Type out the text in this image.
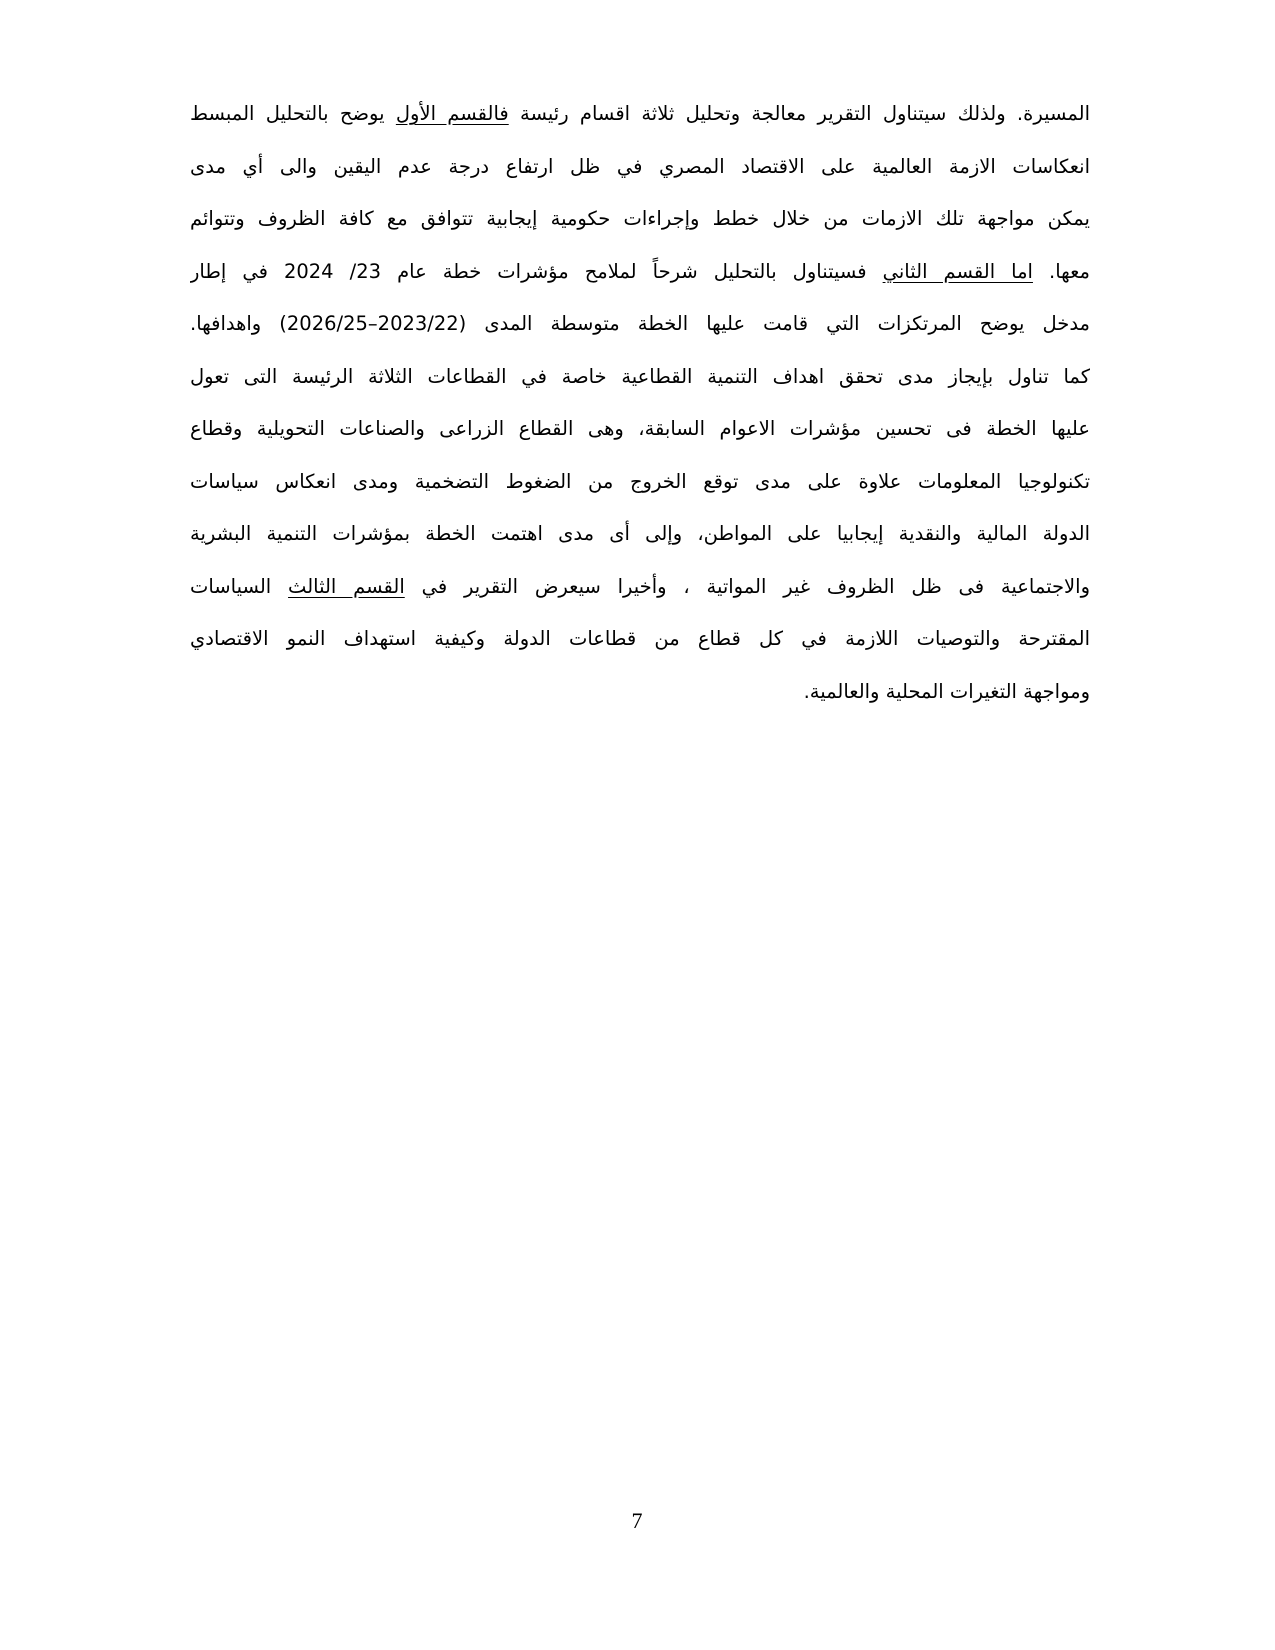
المسيرة. ولذلك سيتناول التقرير معالجة وتحليل ثلاثة اقسام رئيسة فالقسم الأول يوضح بالتحليل المبسط
انعكاسات الازمة العالمية على الاقتصاد المصري في ظل ارتفاع درجة عدم اليقين والى أي مدى
يمكن مواجهة تلك الازمات من خلال خطط وإجراءات حكومية إيجابية تتوافق مع كافة الظروف وتتوائم
معها. اما القسم الثاني فسيتناول بالتحليل شرحاً لملامح مؤشرات خطة عام 23/ 2024 في إطار
مدخل يوضح المرتكزات التي قامت عليها الخطة متوسطة المدى (2023/22–2026/25) واهدافها.
كما تناول بإيجاز مدى تحقق اهداف التنمية القطاعية خاصة في القطاعات الثلاثة الرئيسة التى تعول
عليها الخطة فى تحسين مؤشرات الاعوام السابقة، وهى القطاع الزراعى والصناعات التحويلية وقطاع
تكنولوجيا المعلومات علاوة على مدى توقع الخروج من الضغوط التضخمية ومدى انعكاس سياسات
الدولة المالية والنقدية إيجابيا على المواطن، وإلى أى مدى اهتمت الخطة بمؤشرات التنمية البشرية
والاجتماعية فى ظل الظروف غير المواتية ، وأخيرا سيعرض التقرير في القسم الثالث السياسات
المقترحة والتوصيات اللازمة في كل قطاع من قطاعات الدولة وكيفية استهداف النمو الاقتصادي
ومواجهة التغيرات المحلية والعالمية.
7
